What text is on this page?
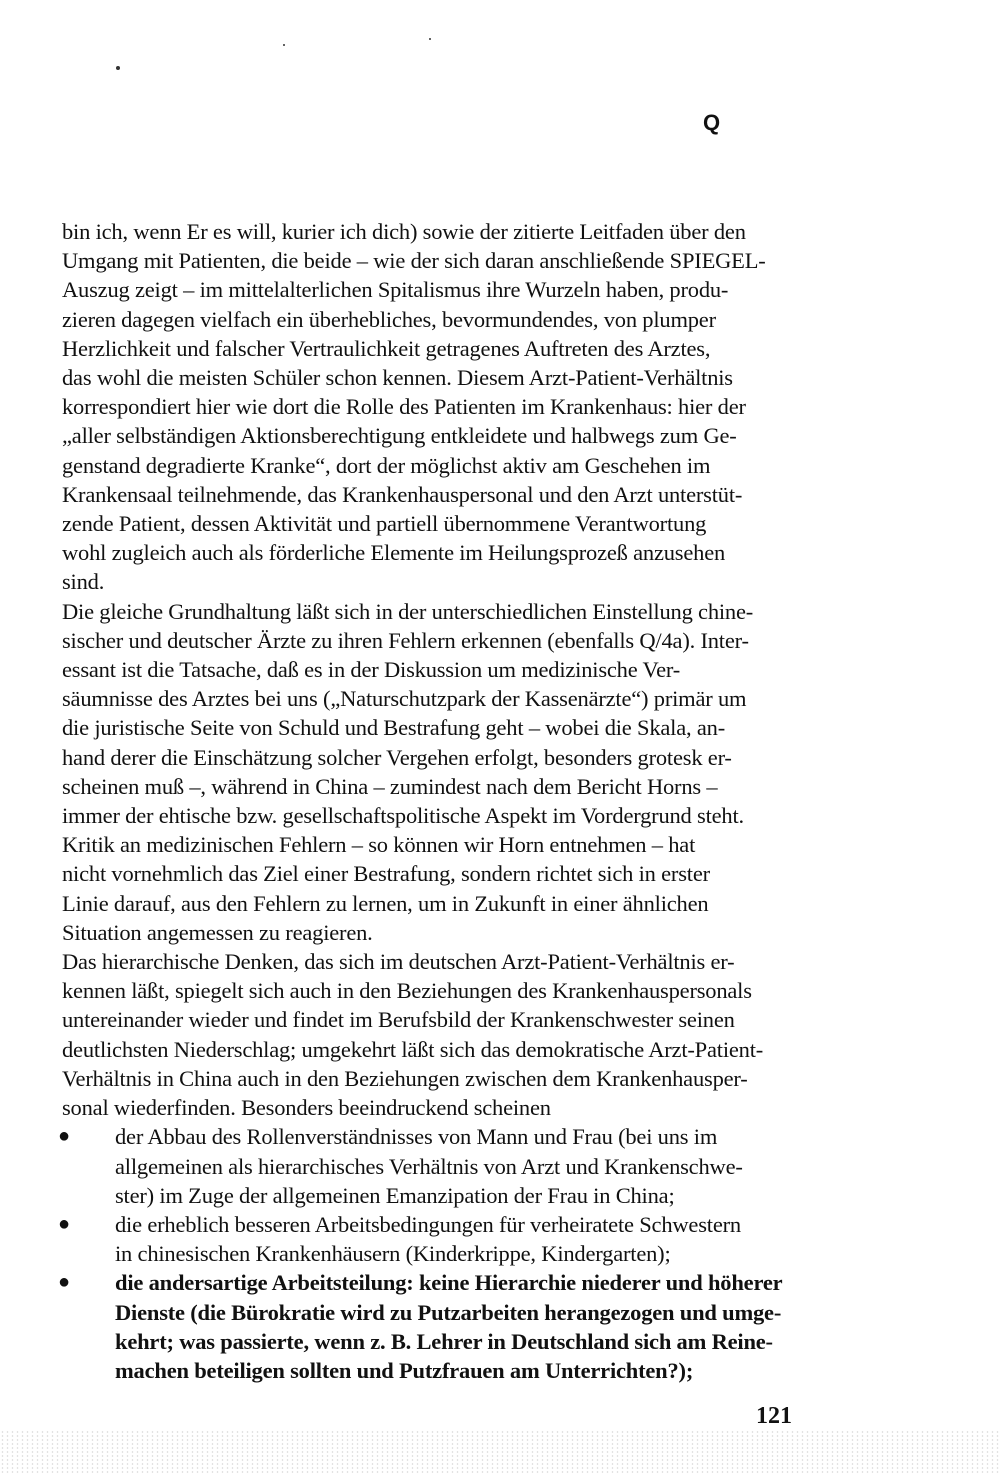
Q
bin ich, wenn Er es will, kurier ich dich) sowie der zitierte Leitfaden über den
Umgang mit Patienten, die beide – wie der sich daran anschließende SPIEGEL-
Auszug zeigt – im mittelalterlichen Spitalismus ihre Wurzeln haben, produ-
zieren dagegen vielfach ein überhebliches, bevormundendes, von plumper
Herzlichkeit und falscher Vertraulichkeit getragenes Auftreten des Arztes,
das wohl die meisten Schüler schon kennen. Diesem Arzt-Patient-Verhältnis
korrespondiert hier wie dort die Rolle des Patienten im Krankenhaus: hier der
„aller selbständigen Aktionsberechtigung entkleidete und halbwegs zum Ge-
genstand degradierte Kranke“, dort der möglichst aktiv am Geschehen im
Krankensaal teilnehmende, das Krankenhauspersonal und den Arzt unterstüt-
zende Patient, dessen Aktivität und partiell übernommene Verantwortung
wohl zugleich auch als förderliche Elemente im Heilungsprozeß anzusehen
sind.
Die gleiche Grundhaltung läßt sich in der unterschiedlichen Einstellung chine-
sischer und deutscher Ärzte zu ihren Fehlern erkennen (ebenfalls Q/4a). Inter-
essant ist die Tatsache, daß es in der Diskussion um medizinische Ver-
säumnisse des Arztes bei uns („Naturschutzpark der Kassenärzte“) primär um
die juristische Seite von Schuld und Bestrafung geht – wobei die Skala, an-
hand derer die Einschätzung solcher Vergehen erfolgt, besonders grotesk er-
scheinen muß –, während in China – zumindest nach dem Bericht Horns –
immer der ehtische bzw. gesellschaftspolitische Aspekt im Vordergrund steht.
Kritik an medizinischen Fehlern – so können wir Horn entnehmen – hat
nicht vornehmlich das Ziel einer Bestrafung, sondern richtet sich in erster
Linie darauf, aus den Fehlern zu lernen, um in Zukunft in einer ähnlichen
Situation angemessen zu reagieren.
Das hierarchische Denken, das sich im deutschen Arzt-Patient-Verhältnis er-
kennen läßt, spiegelt sich auch in den Beziehungen des Krankenhauspersonals
untereinander wieder und findet im Berufsbild der Krankenschwester seinen
deutlichsten Niederschlag; umgekehrt läßt sich das demokratische Arzt-Patient-
Verhältnis in China auch in den Beziehungen zwischen dem Krankenhausper-
sonal wiederfinden. Besonders beeindruckend scheinen
● der Abbau des Rollenverständnisses von Mann und Frau (bei uns im
allgemeinen als hierarchisches Verhältnis von Arzt und Krankenschwe-
ster) im Zuge der allgemeinen Emanzipation der Frau in China;
● die erheblich besseren Arbeitsbedingungen für verheiratete Schwestern
in chinesischen Krankenhäusern (Kinderkrippe, Kindergarten);
● die andersartige Arbeitsteilung: keine Hierarchie niederer und höherer
Dienste (die Bürokratie wird zu Putzarbeiten herangezogen und umge-
kehrt; was passierte, wenn z. B. Lehrer in Deutschland sich am Reine-
machen beteiligen sollten und Putzfrauen am Unterrichten?);
121
